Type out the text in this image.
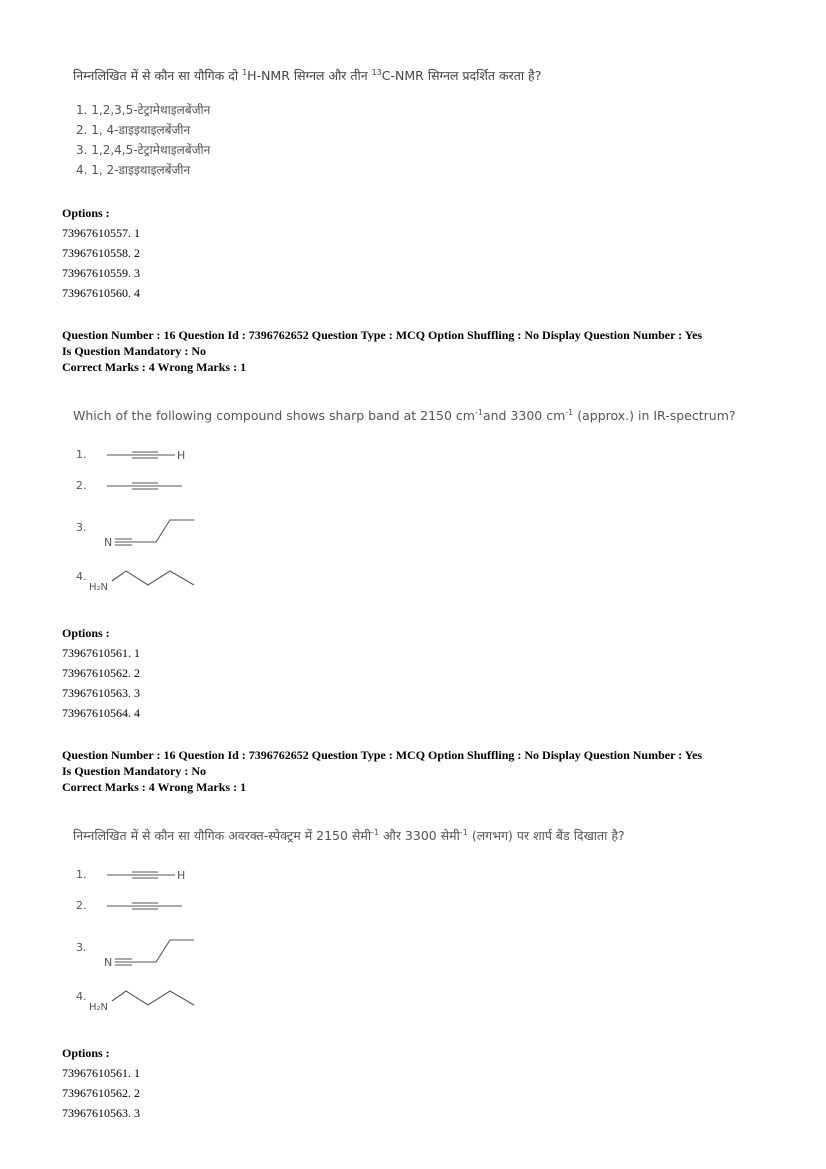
निम्नलिखित में से कौन सा यौगिक दो $^1$H-NMR सिग्नल और तीन $^{13}$C-NMR सिग्नल प्रदर्शित करता है?
1. 1,2,3,5-टेट्रामेथाइलबेंजीन
2. 1, 4-डाइइथाइलबेंजीन
3. 1,2,4,5-टेट्रामेथाइलबेंजीन
4. 1, 2-डाइइथाइलबेंजीन
Options :
73967610557. 1
73967610558. 2
73967610559. 3
73967610560. 4
Question Number : 16 Question Id : 7396762652 Question Type : MCQ Option Shuffling : No Display Question Number : Yes
Is Question Mandatory : No
Correct Marks : 4 Wrong Marks : 1
Which of the following compound shows sharp band at 2150 $cm^{-1}and$ 3300 $cm^{-1}$ (approx.) in IR-spectrum?
1.	H
2.
3.
N
4.
H₂N
Options :
73967610561. 1
73967610562. 2
73967610563. 3
73967610564. 4
Question Number : 16 Question Id : 7396762652 Question Type : MCQ Option Shuffling : No Display Question Number : Yes
Is Question Mandatory : No
Correct Marks : 4 Wrong Marks : 1
निम्नलिखित में से कौन सा यौगिक अवरक्त-स्पेक्ट्रम में 2150 सेमी$^{-1}$ और 3300 सेमी$^{-1}$ (लगभग) पर शार्प बैंड दिखाता है?
1.	H
2.
3.
N
4.
H₂N
Options :
73967610561. 1
73967610562. 2
73967610563. 3
